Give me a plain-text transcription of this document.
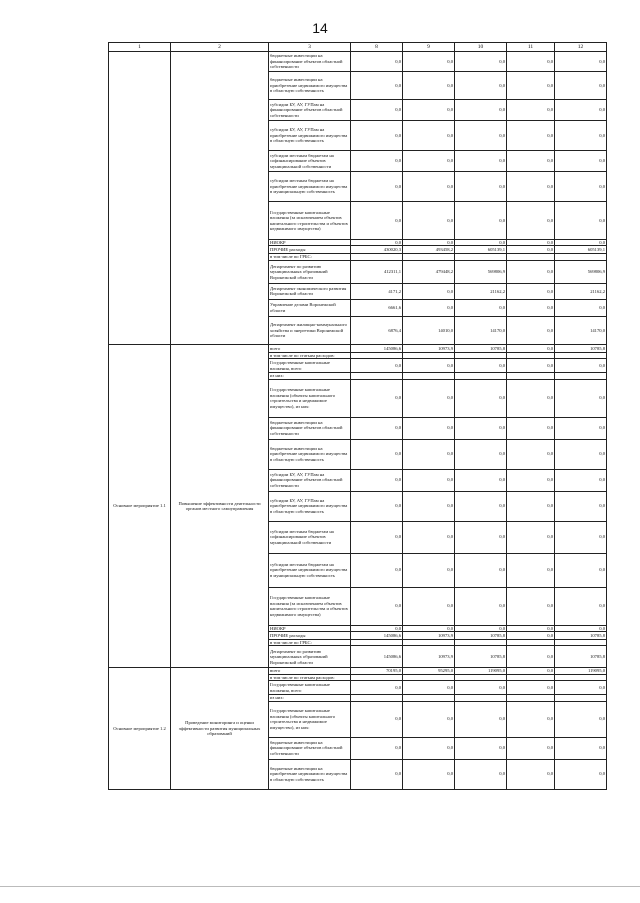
14
1	2	3	8	9	10	11	12
		бюджетные инвестиции на финансирование объектов областной собственности	0,0	0,0	0,0	0,0	0,0
		бюджетные инвестиции на приобретение недвижимого имущества в областную собственность	0,0	0,0	0,0	0,0	0,0
		субсидии БУ, АУ, ГУПам на финансирование объектов областной собственности	0,0	0,0	0,0	0,0	0,0
		субсидии БУ, АУ, ГУПам на приобретение недвижимого имущества в областную собственность	0,0	0,0	0,0	0,0	0,0
		субсидии местным бюджетам на софинансирование объектов муниципальной собственности	0,0	0,0	0,0	0,0	0,0
		субсидии местным бюджетам на приобретение недвижимого имущества в муниципальную собственность	0,0	0,0	0,0	0,0	0,0
		Государственные капитальные вложения (за исключением объектов капитального строительства и объектов недвижимого имущества)	0,0	0,0	0,0	0,0	0,0
		НИОКР	0,0	0,0	0,0	0,0	0,0
		ПРОЧИЕ расходы	430020,3	493458,2	605139,1	0,0	605139,1
		в том числе по ГРБС:					
		Департамент по развитию муниципальных образований Воронежской области	412311,1	479448,2	569806,9	0,0	569806,9
		Департамент экономического развития Воронежской области	4171,2	0,0	21162,2	0,0	21162,2
		Управление делами Воронежской области	6661,6	0,0	0,0	0,0	0,0
		Департамент жилищно-коммунального хозяйства и энергетики Воронежской области	6876,4	14010,0	14170,0	0,0	14170,0
Основное мероприятие 1.1	Повышение эффективности деятельности органов местного самоуправления	всего	145086,6	10973,9	10785,8	0,0	10785,8
		в том числе по статьям расходов:					
		Государственные капитальные вложения, всего	0,0	0,0	0,0	0,0	0,0
		из них:					
		Государственные капитальные вложения (объекты капитального строительства и недвижимое имущество), из них:	0,0	0,0	0,0	0,0	0,0
		бюджетные инвестиции на финансирование объектов областной собственности	0,0	0,0	0,0	0,0	0,0
		бюджетные инвестиции на приобретение недвижимого имущества в областную собственность	0,0	0,0	0,0	0,0	0,0
		субсидии БУ, АУ, ГУПам на финансирование объектов областной собственности	0,0	0,0	0,0	0,0	0,0
		субсидии БУ, АУ, ГУПам на приобретение недвижимого имущества в областную собственность	0,0	0,0	0,0	0,0	0,0
		субсидии местным бюджетам на софинансирование объектов муниципальной собственности	0,0	0,0	0,0	0,0	0,0
		субсидии местным бюджетам на приобретение недвижимого имущества в муниципальную собственность	0,0	0,0	0,0	0,0	0,0
		Государственные капитальные вложения (за исключением объектов капитального строительства и объектов недвижимого имущества)	0,0	0,0	0,0	0,0	0,0
		НИОКР	0,0	0,0	0,0	0,0	0,0
		ПРОЧИЕ расходы	145086,6	10973,9	10785,8	0,0	10785,8
		в том числе по ГРБС:					
		Департамент по развитию муниципальных образований Воронежской области	145086,6	10973,9	10785,8	0,0	10785,8
Основное мероприятие 1.2	Проведение мониторинга и оценки эффективности развития муниципальных образований	всего	70195,0	95295,0	119095,0	0,0	119095,0
		в том числе по статьям расходов:					
		Государственные капитальные вложения, всего	0,0	0,0	0,0	0,0	0,0
		из них:					
		Государственные капитальные вложения (объекты капитального строительства и недвижимое имущество), из них:	0,0	0,0	0,0	0,0	0,0
		бюджетные инвестиции на финансирование объектов областной собственности	0,0	0,0	0,0	0,0	0,0
		бюджетные инвестиции на приобретение недвижимого имущества в областную собственность	0,0	0,0	0,0	0,0	0,0
